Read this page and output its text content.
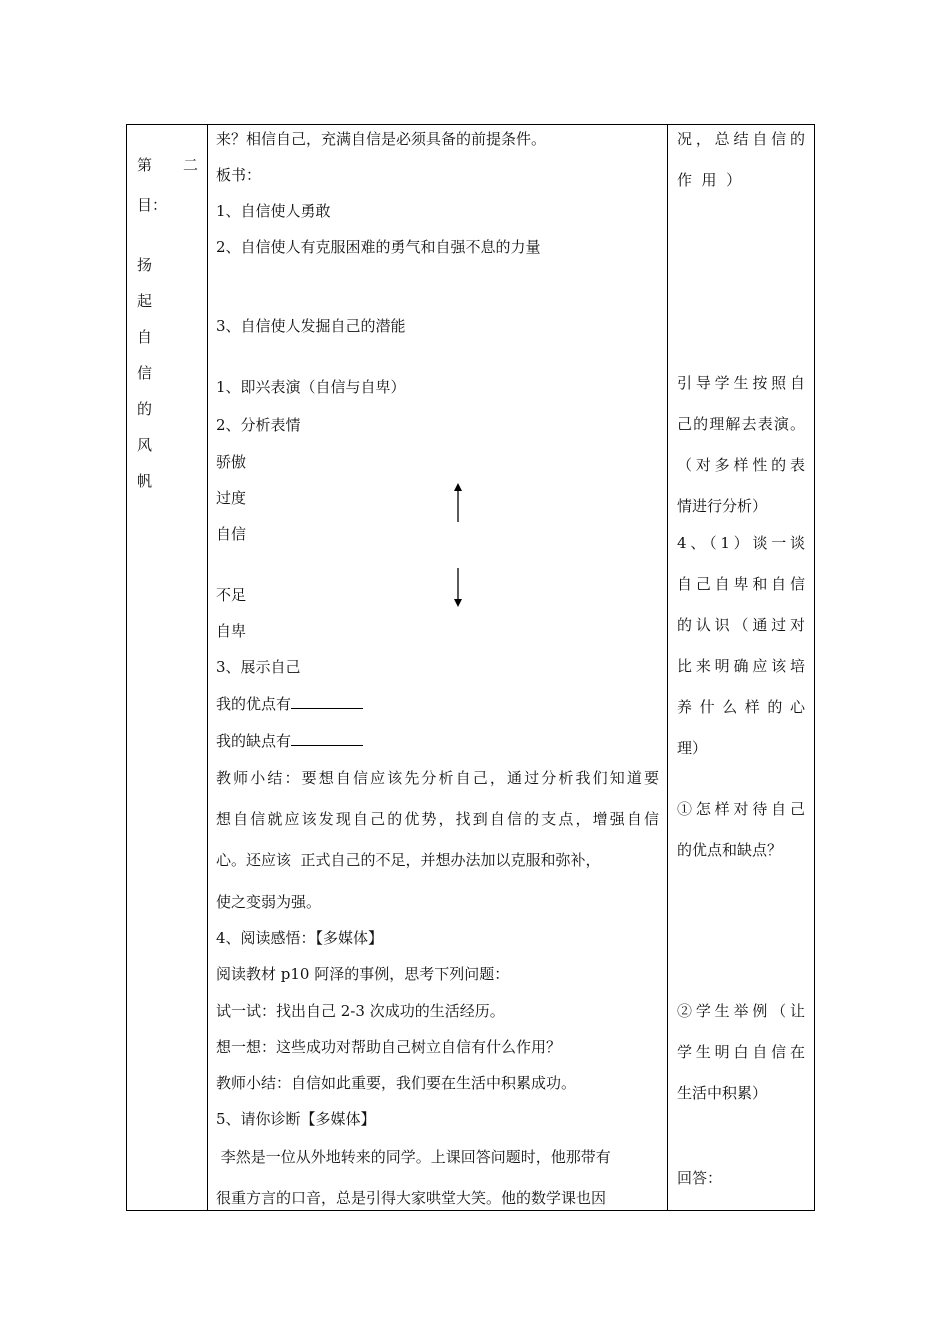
第 二
目：
扬
起
自
信
的
风
帆
来？相信自己，充满自信是必须具备的前提条件。
板书：
1、自信使人勇敢
2、自信使人有克服困难的勇气和自强不息的力量
3、自信使人发掘自己的潜能
1、即兴表演（自信与自卑）
2、分析表情
骄傲
过度
自信
不足
自卑
3、展示自己
我的优点有
我的缺点有
教师小结：要想自信应该先分析自己，通过分析我们知道要
想自信就应该发现自己的优势，找到自信的支点，增强自信
心。还应该  正式自己的不足，并想办法加以克服和弥补，
使之变弱为强。
4、阅读感悟：【多媒体】
阅读教材 p10 阿泽的事例，思考下列问题：
试一试：找出自己 2-3 次成功的生活经历。
想一想：这些成功对帮助自己树立自信有什么作用？
教师小结：自信如此重要，我们要在生活中积累成功。
5、请你诊断【多媒体】
李然是一位从外地转来的同学。上课回答问题时，他那带有
很重方言的口音，总是引得大家哄堂大笑。他的数学课也因
况，总结自信的
作  用  ）
引导学生按照自
己的理解去表演。
（对多样性的表
情进行分析）
4、（1）谈一谈
自己自卑和自信
的认识（通过对
比来明确应该培
养什么样的心
理）
①怎样对待自己
的优点和缺点？
②学生举例（让
学生明白自信在
生活中积累）
回答：
